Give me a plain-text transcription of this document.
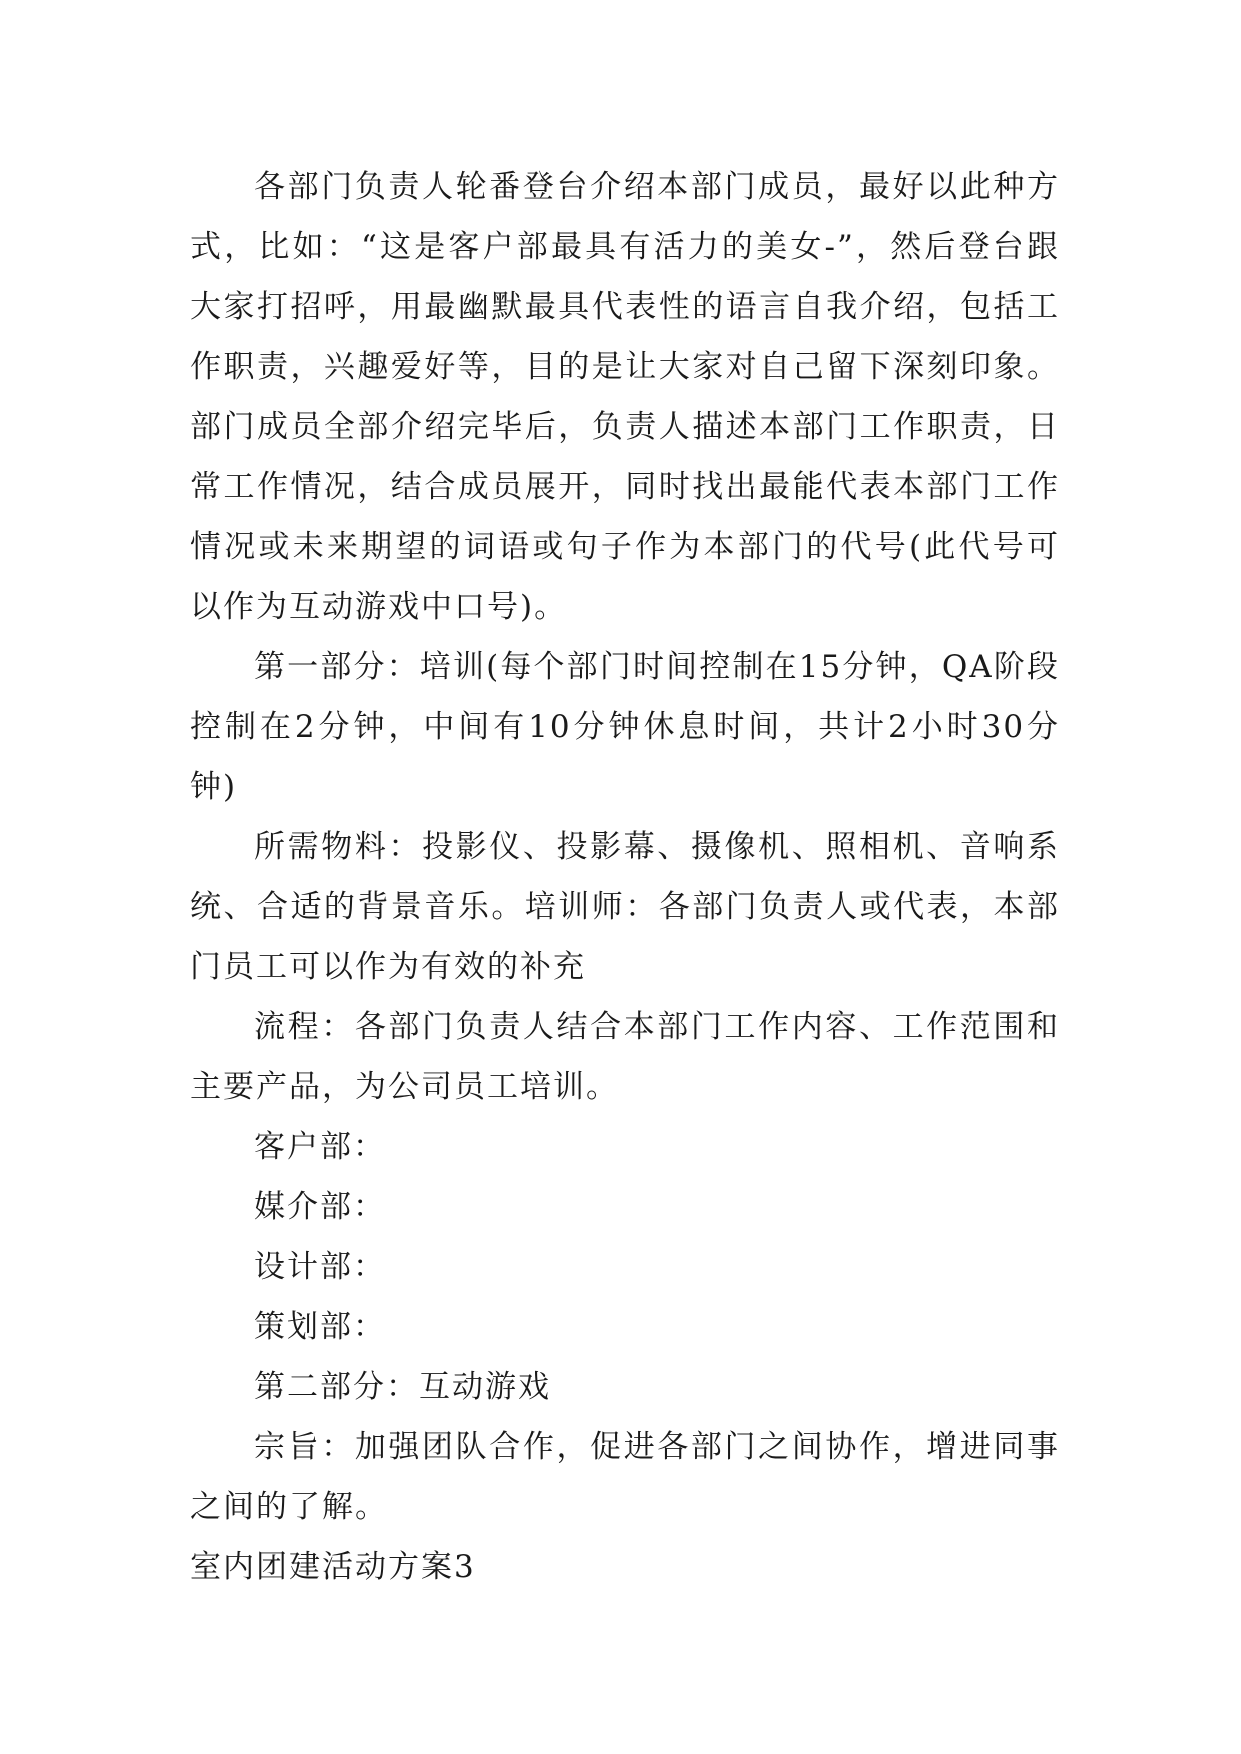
各部门负责人轮番登台介绍本部门成员，最好以此种方式，比如：“这是客户部最具有活力的美女-”，然后登台跟大家打招呼，用最幽默最具代表性的语言自我介绍，包括工作职责，兴趣爱好等，目的是让大家对自己留下深刻印象。部门成员全部介绍完毕后，负责人描述本部门工作职责，日常工作情况，结合成员展开，同时找出最能代表本部门工作情况或未来期望的词语或句子作为本部门的代号(此代号可以作为互动游戏中口号)。

第一部分：培训(每个部门时间控制在15分钟，QA阶段控制在2分钟，中间有10分钟休息时间，共计2小时30分钟)

所需物料：投影仪、投影幕、摄像机、照相机、音响系统、合适的背景音乐。培训师：各部门负责人或代表，本部门员工可以作为有效的补充

流程：各部门负责人结合本部门工作内容、工作范围和主要产品，为公司员工培训。

客户部：

媒介部：

设计部：

策划部：

第二部分：互动游戏

宗旨：加强团队合作，促进各部门之间协作，增进同事之间的了解。

室内团建活动方案3
